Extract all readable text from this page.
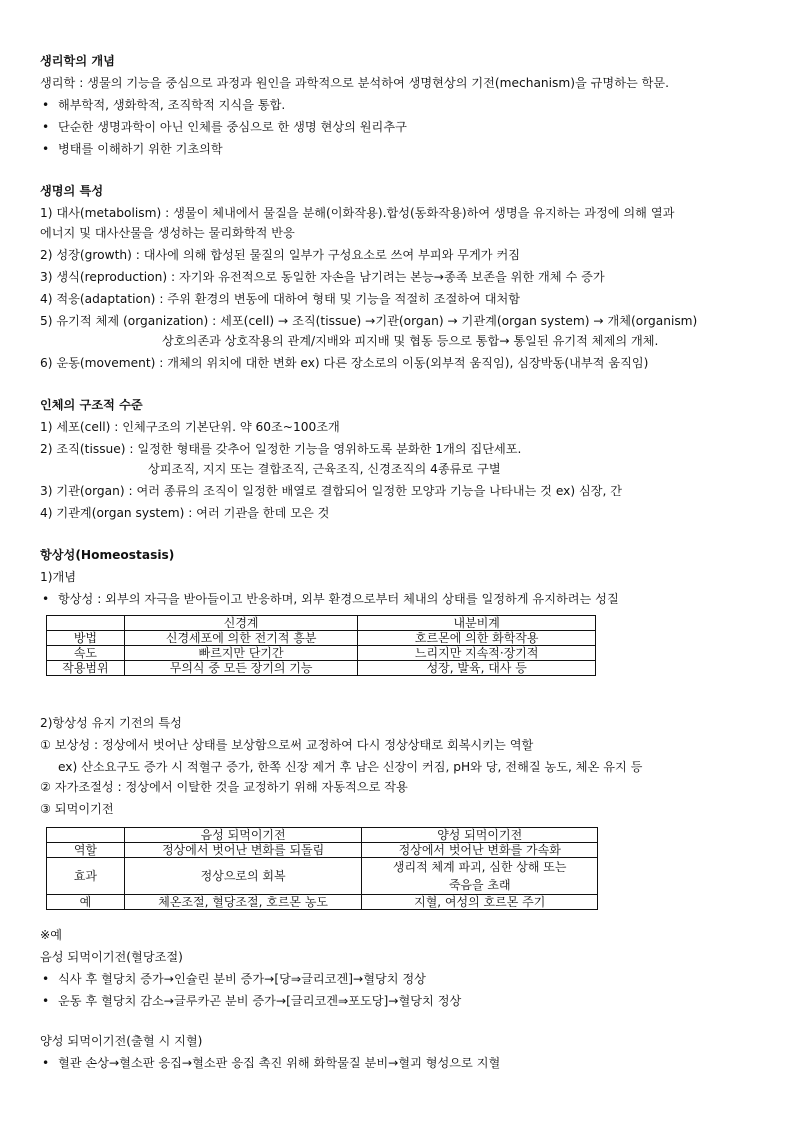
생리학의 개념
생리학 : 생물의 기능을 중심으로 과정과 원인을 과학적으로 분석하여 생명현상의 기전(mechanism)을 규명하는 학문.
• 해부학적, 생화학적, 조직학적 지식을 통합.
• 단순한 생명과학이 아닌 인체를 중심으로 한 생명 현상의 원리추구
• 병태를 이해하기 위한 기초의학
생명의 특성
1) 대사(metabolism) : 생물이 체내에서 물질을 분해(이화작용).합성(동화작용)하여 생명을 유지하는 과정에 의해 열과
에너지 및 대사산물을 생성하는 물리화학적 반응
2) 성장(growth) : 대사에 의해 합성된 물질의 일부가 구성요소로 쓰여 부피와 무게가 커짐
3) 생식(reproduction) : 자기와 유전적으로 동일한 자손을 남기려는 본능→종족 보존을 위한 개체 수 증가
4) 적응(adaptation) : 주위 환경의 변동에 대하여 형태 및 기능을 적절히 조절하여 대처함
5) 유기적 체제 (organization) : 세포(cell) → 조직(tissue) →기관(organ) → 기관계(organ system) → 개체(organism)
상호의존과 상호작용의 관계/지배와 피지배 및 협동 등으로 통합→ 통일된 유기적 체제의 개체.
6) 운동(movement) : 개체의 위치에 대한 변화 ex) 다른 장소로의 이동(외부적 움직임), 심장박동(내부적 움직임)
인체의 구조적 수준
1) 세포(cell) : 인체구조의 기본단위. 약 60조~100조개
2) 조직(tissue) : 일정한 형태를 갖추어 일정한 기능을 영위하도록 분화한 1개의 집단세포.
상피조직, 지지 또는 결합조직, 근육조직, 신경조직의 4종류로 구별
3) 기관(organ) : 여러 종류의 조직이 일정한 배열로 결합되어 일정한 모양과 기능을 나타내는 것 ex) 심장, 간
4) 기관계(organ system) : 여러 기관을 한데 모은 것
항상성(Homeostasis)
1)개념
• 항상성 : 외부의 자극을 받아들이고 반응하며, 외부 환경으로부터 체내의 상태를 일정하게 유지하려는 성질
	신경계	내분비계
방법	신경세포에 의한 전기적 흥분	호르몬에 의한 화학작용
속도	빠르지만 단기간	느리지만 지속적·장기적
작용범위	무의식 중 모든 장기의 기능	성장, 발육, 대사 등
2)항상성 유지 기전의 특성
① 보상성 : 정상에서 벗어난 상태를 보상함으로써 교정하여 다시 정상상태로 회복시키는 역할
ex) 산소요구도 증가 시 적혈구 증가, 한쪽 신장 제거 후 남은 신장이 커짐, pH와 당, 전해질 농도, 체온 유지 등
② 자가조절성 : 정상에서 이탈한 것을 교정하기 위해 자동적으로 작용
③ 되먹이기전
	음성 되먹이기전	양성 되먹이기전
역할	정상에서 벗어난 변화를 되돌림	정상에서 벗어난 변화를 가속화
효과	정상으로의 회복	생리적 체계 파괴, 심한 상해 또는
죽음을 초래

예	체온조절, 혈당조절, 호르몬 농도	지혈, 여성의 호르몬 주기
※예
음성 되먹이기전(혈당조절)
• 식사 후 혈당치 증가→인슐린 분비 증가→[당⇒글리코겐]→혈당치 정상
• 운동 후 혈당치 감소→글루카곤 분비 증가→[글리코겐⇒포도당]→혈당치 정상
양성 되먹이기전(출혈 시 지혈)
• 혈관 손상→혈소판 응집→혈소판 응집 촉진 위해 화학물질 분비→혈괴 형성으로 지혈
